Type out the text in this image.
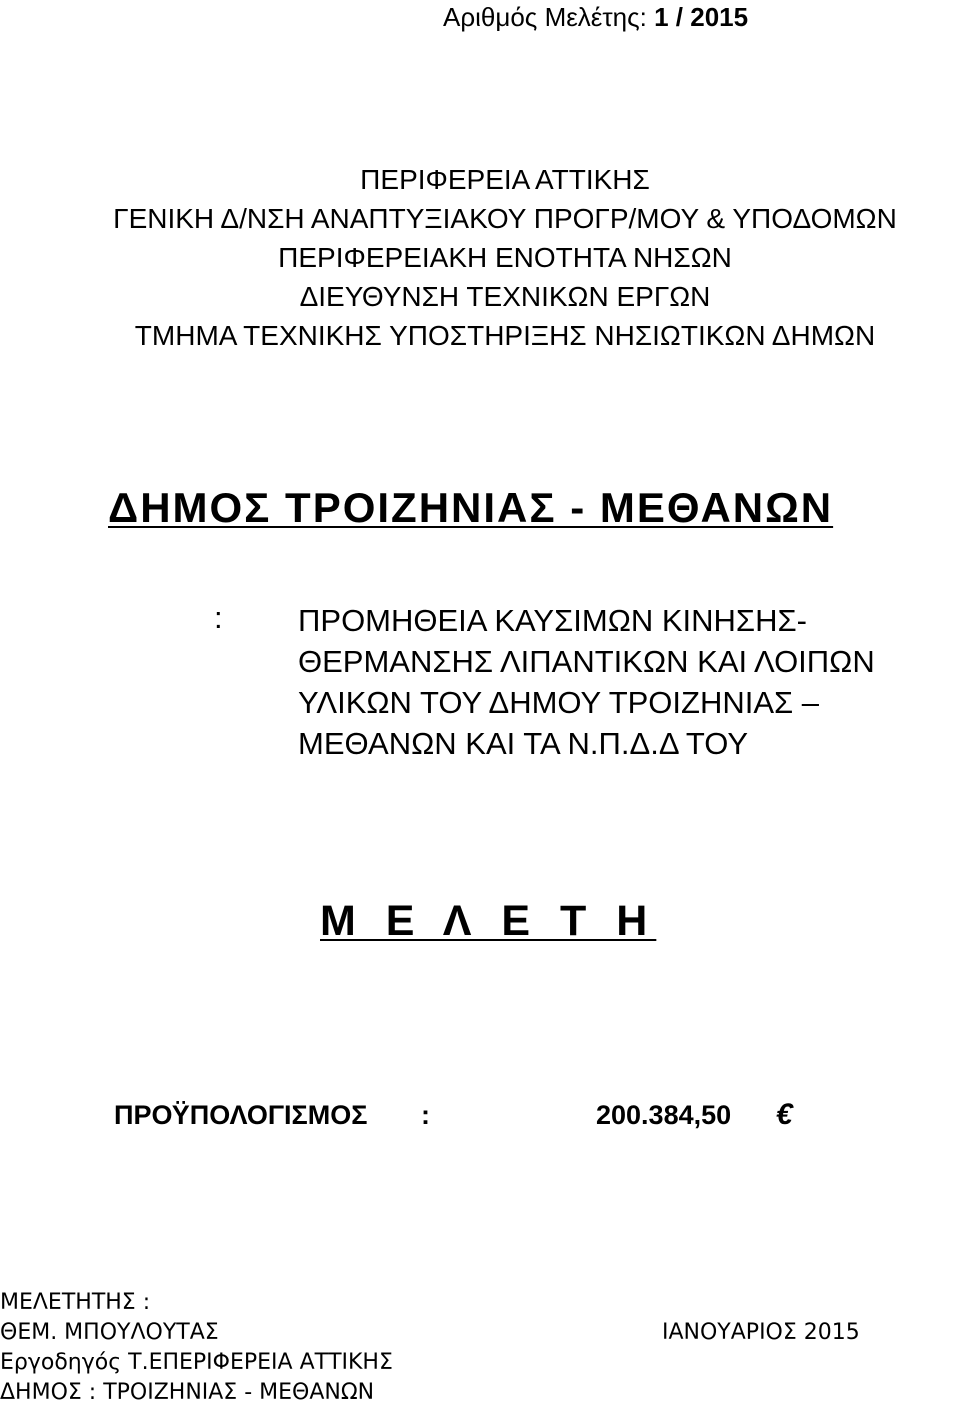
Αριθμός Μελέτης: 1 / 2015
ΠΕΡΙΦΕΡΕΙΑ ΑΤΤΙΚΗΣ
ΓΕΝΙΚΗ Δ/ΝΣΗ ΑΝΑΠΤΥΞΙΑΚΟΥ ΠΡΟΓΡ/ΜΟΥ & ΥΠΟΔΟΜΩΝ
ΠΕΡΙΦΕΡΕΙΑΚΗ ΕΝΟΤΗΤΑ ΝΗΣΩΝ
ΔΙΕΥΘΥΝΣΗ ΤΕΧΝΙΚΩΝ ΕΡΓΩΝ
ΤΜΗΜΑ ΤΕΧΝΙΚΗΣ ΥΠΟΣΤΗΡΙΞΗΣ ΝΗΣΙΩΤΙΚΩΝ ΔΗΜΩΝ
ΔΗΜΟΣ ΤΡΟΙΖΗΝΙΑΣ - ΜΕΘΑΝΩΝ
: ΠΡΟΜΗΘΕΙΑ ΚΑΥΣΙΜΩΝ ΚΙΝΗΣΗΣ-
ΘΕΡΜΑΝΣΗΣ ΛΙΠΑΝΤΙΚΩΝ ΚΑΙ ΛΟΙΠΩΝ
ΥΛΙΚΩΝ ΤΟΥ ΔΗΜΟΥ ΤΡΟΙΖΗΝΙΑΣ –
ΜΕΘΑΝΩΝ ΚΑΙ ΤΑ Ν.Π.Δ.Δ ΤΟΥ
Μ Ε Λ Ε Τ Η
ΠΡΟΫΠΟΛΟΓΙΣΜΟΣ :	200.384,50 €
ΜΕΛΕΤΗΤΗΣ :
ΘΕΜ. ΜΠΟΥΛΟΥΤΑΣ
Εργοδηγός Τ.ΕΠΕΡΙΦΕΡΕΙΑ ΑΤΤΙΚΗΣ
ΔΗΜΟΣ : ΤΡΟΙΖΗΝΙΑΣ - ΜΕΘΑΝΩΝ
ΙΑΝΟΥΑΡΙΟΣ 2015
